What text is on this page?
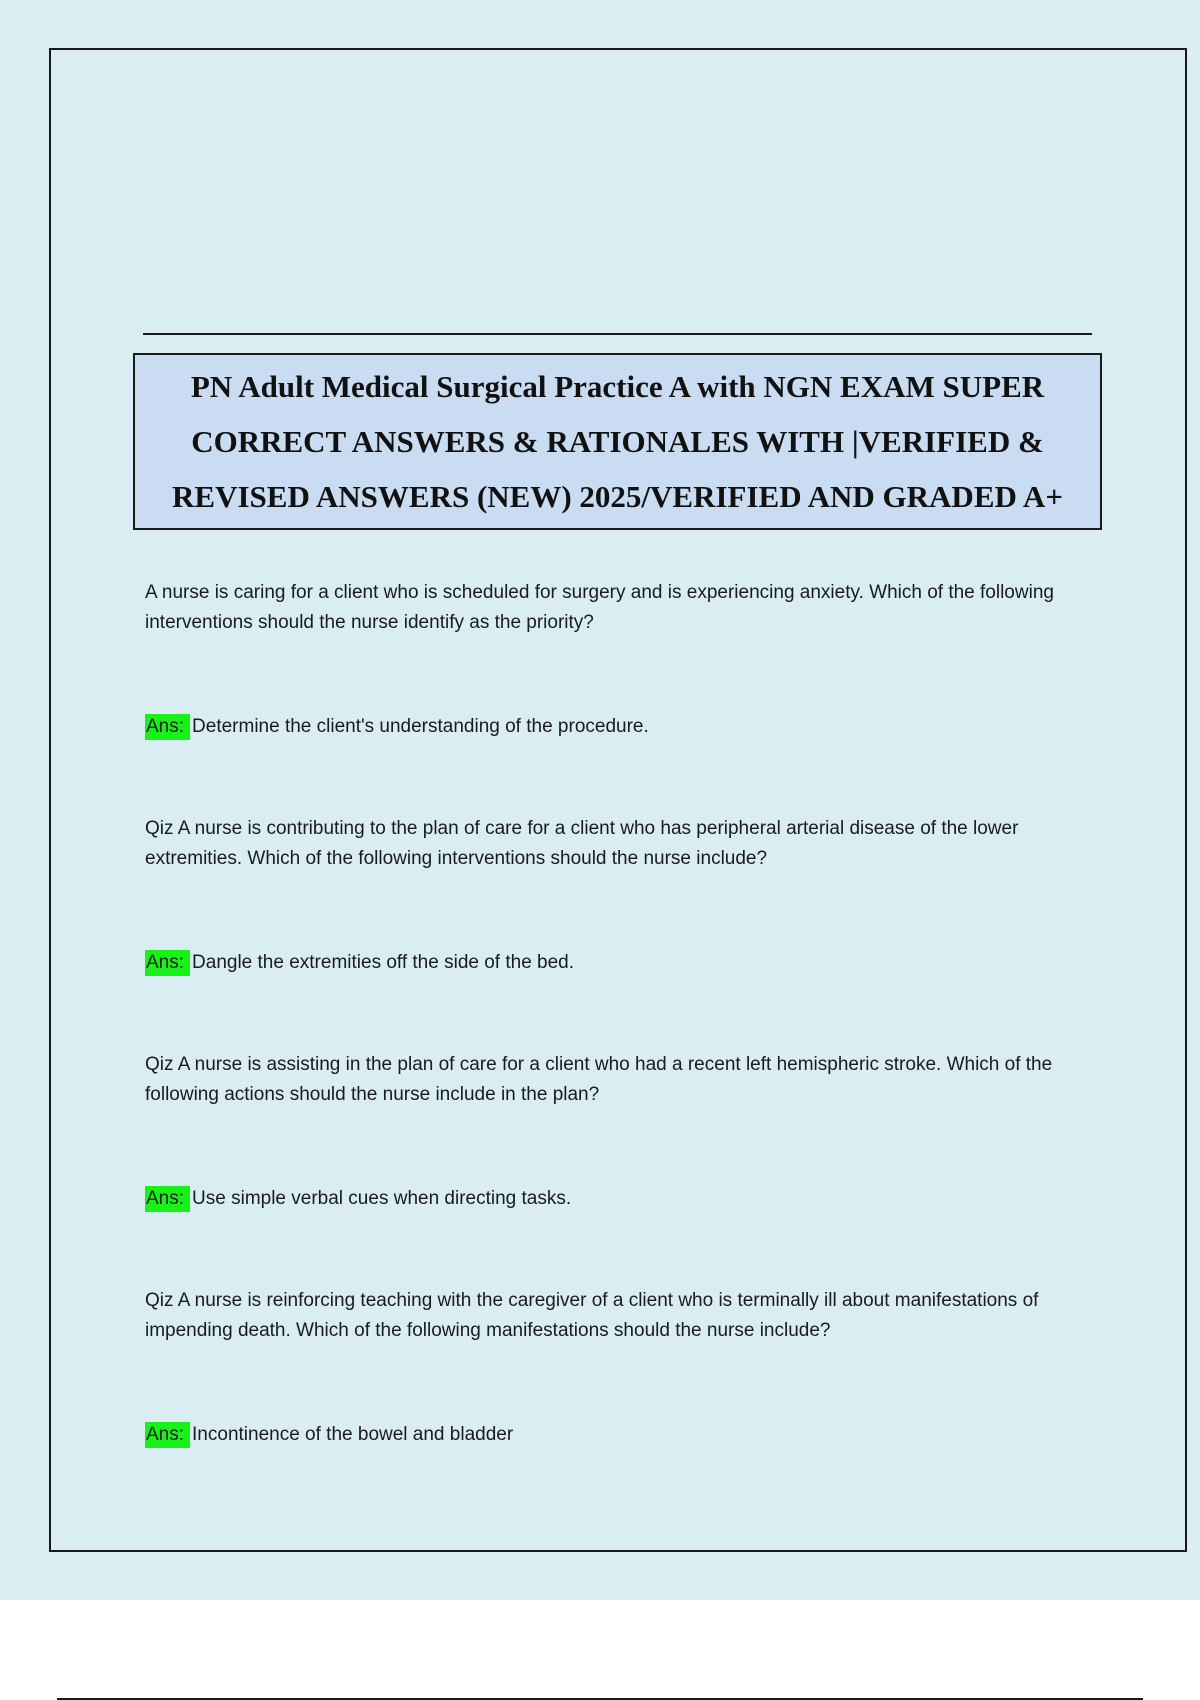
PN Adult Medical Surgical Practice A with NGN EXAM SUPER CORRECT ANSWERS & RATIONALES WITH |VERIFIED & REVISED ANSWERS (NEW) 2025/VERIFIED AND GRADED A+
A nurse is caring for a client who is scheduled for surgery and is experiencing anxiety. Which of the following interventions should the nurse identify as the priority?
Ans: Determine the client's understanding of the procedure.
Qiz A nurse is contributing to the plan of care for a client who has peripheral arterial disease of the lower extremities. Which of the following interventions should the nurse include?
Ans: Dangle the extremities off the side of the bed.
Qiz A nurse is assisting in the plan of care for a client who had a recent left hemispheric stroke. Which of the following actions should the nurse include in the plan?
Ans: Use simple verbal cues when directing tasks.
Qiz A nurse is reinforcing teaching with the caregiver of a client who is terminally ill about manifestations of impending death. Which of the following manifestations should the nurse include?
Ans: Incontinence of the bowel and bladder
